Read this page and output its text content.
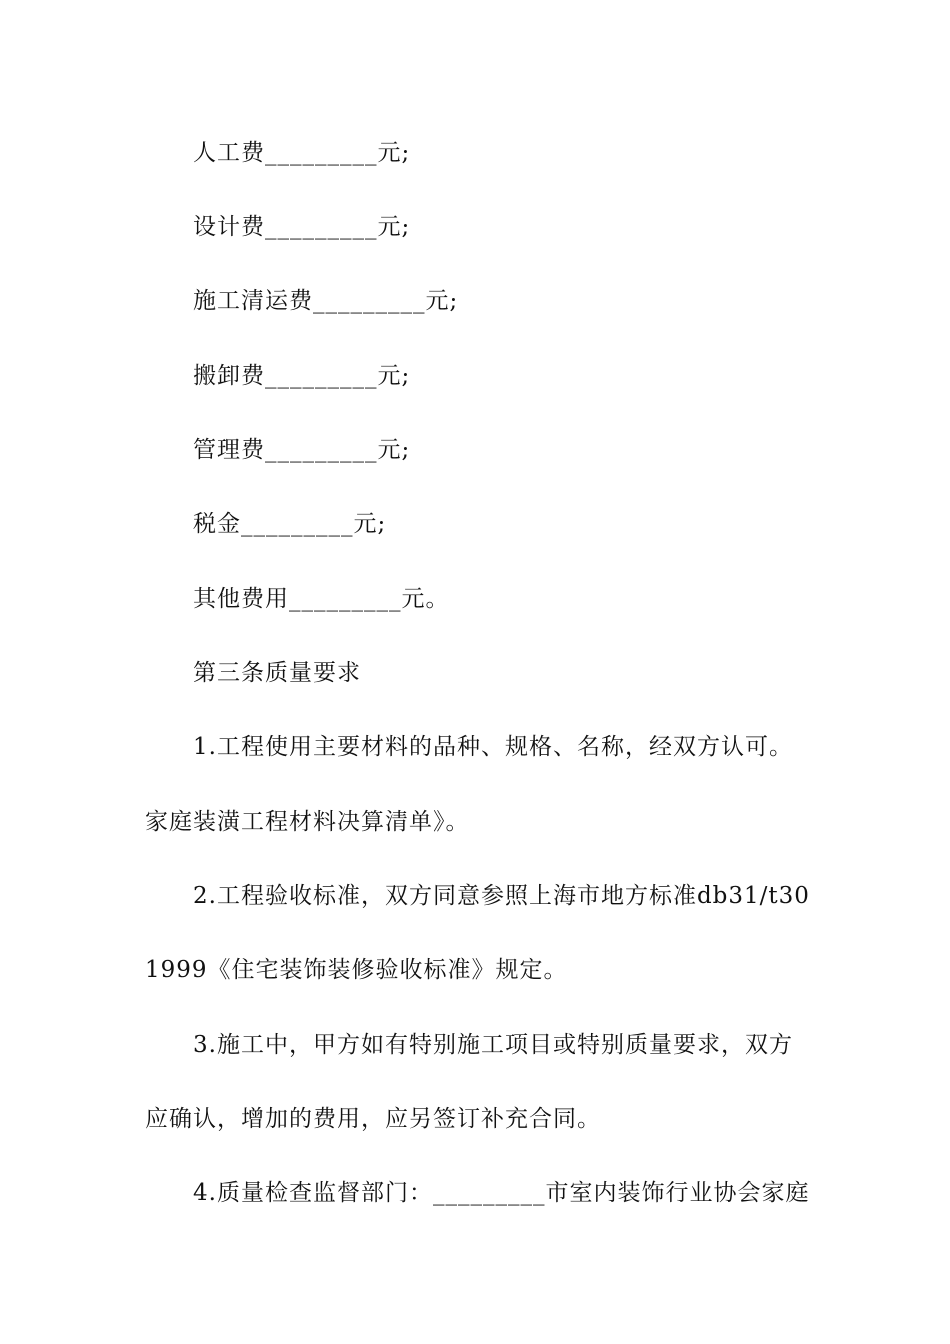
人工费_________元;
设计费_________元;
施工清运费_________元;
搬卸费_________元;
管理费_________元;
税金_________元;
其他费用_________元。
第三条质量要求
1.工程使用主要材料的品种、规格、名称，经双方认可。
家庭装潢工程材料决算清单》。
2.工程验收标准，双方同意参照上海市地方标准db31/t30
1999《住宅装饰装修验收标准》规定。
3.施工中，甲方如有特别施工项目或特别质量要求，双方
应确认，增加的费用，应另签订补充合同。
4.质量检查监督部门：_________市室内装饰行业协会家庭
